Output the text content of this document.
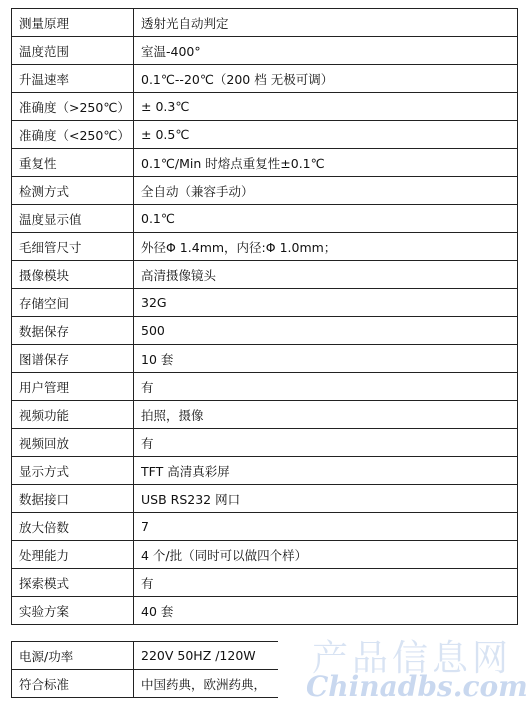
测量原理	透射光自动判定
温度范围	室温-400°
升温速率	0.1℃--20℃（200 档 无极可调）
准确度（>250℃）	± 0.3℃
准确度（<250℃）	± 0.5℃
重复性	0.1℃/Min 时熔点重复性±0.1℃
检测方式	全自动（兼容手动）
温度显示值	0.1℃
毛细管尺寸	外径Φ 1.4mm，内径:Φ 1.0mm；
摄像模块	高清摄像镜头
存储空间	32G
数据保存	500
图谱保存	10 套
用户管理	有
视频功能	拍照，摄像
视频回放	有
显示方式	TFT 高清真彩屏
数据接口	USB RS232 网口
放大倍数	7
处理能力	4 个/批（同时可以做四个样）
探索模式	有
实验方案	40 套
电源/功率	220V 50HZ /120W
符合标准	中国药典，欧洲药典，
产品信息网
Chinadbs.com
